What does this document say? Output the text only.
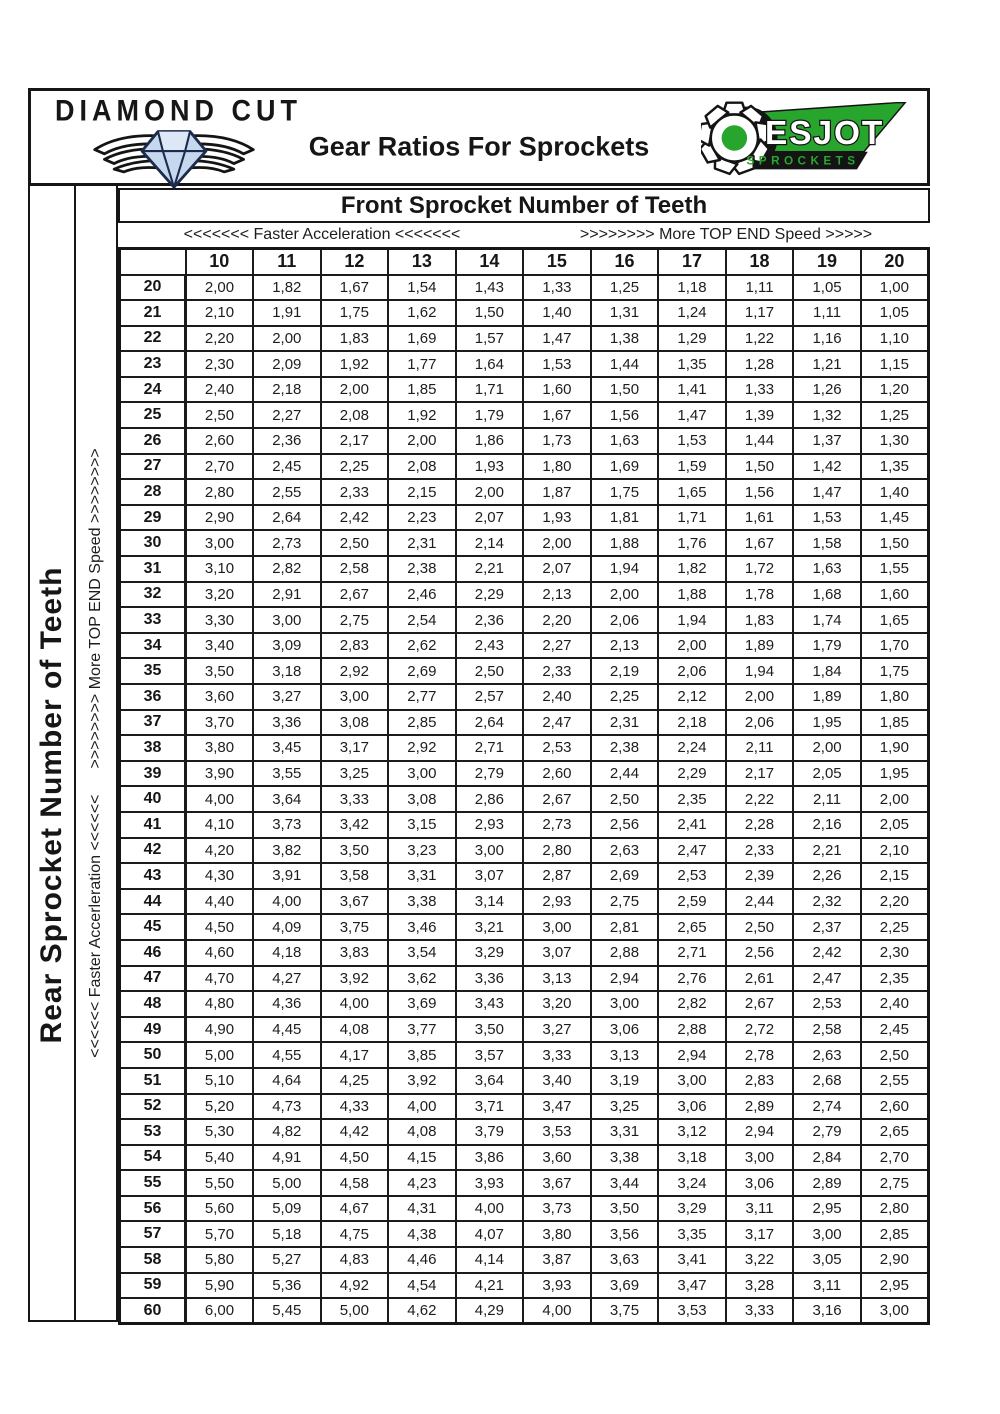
DIAMOND CUT
Gear Ratios For Sprockets	ESJOT
SPROCKETS
Rear Sprocket Number of Teeth <<<<<< Faster Accerleration <<<<<<
>>>>>>>> More TOP END Speed >>>>>>>>
Front Sprocket Number of Teeth
<<<<<<< Faster Acceleration <<<<<<<	>>>>>>>> More TOP END Speed >>>>>
	10	11	12	13	14	15	16	17	18	19	20
20	2,00	1,82	1,67	1,54	1,43	1,33	1,25	1,18	1,11	1,05	1,00
21	2,10	1,91	1,75	1,62	1,50	1,40	1,31	1,24	1,17	1,11	1,05
22	2,20	2,00	1,83	1,69	1,57	1,47	1,38	1,29	1,22	1,16	1,10
23	2,30	2,09	1,92	1,77	1,64	1,53	1,44	1,35	1,28	1,21	1,15
24	2,40	2,18	2,00	1,85	1,71	1,60	1,50	1,41	1,33	1,26	1,20
25	2,50	2,27	2,08	1,92	1,79	1,67	1,56	1,47	1,39	1,32	1,25
26	2,60	2,36	2,17	2,00	1,86	1,73	1,63	1,53	1,44	1,37	1,30
27	2,70	2,45	2,25	2,08	1,93	1,80	1,69	1,59	1,50	1,42	1,35
28	2,80	2,55	2,33	2,15	2,00	1,87	1,75	1,65	1,56	1,47	1,40
29	2,90	2,64	2,42	2,23	2,07	1,93	1,81	1,71	1,61	1,53	1,45
30	3,00	2,73	2,50	2,31	2,14	2,00	1,88	1,76	1,67	1,58	1,50
31	3,10	2,82	2,58	2,38	2,21	2,07	1,94	1,82	1,72	1,63	1,55
32	3,20	2,91	2,67	2,46	2,29	2,13	2,00	1,88	1,78	1,68	1,60
33	3,30	3,00	2,75	2,54	2,36	2,20	2,06	1,94	1,83	1,74	1,65
34	3,40	3,09	2,83	2,62	2,43	2,27	2,13	2,00	1,89	1,79	1,70
35	3,50	3,18	2,92	2,69	2,50	2,33	2,19	2,06	1,94	1,84	1,75
36	3,60	3,27	3,00	2,77	2,57	2,40	2,25	2,12	2,00	1,89	1,80
37	3,70	3,36	3,08	2,85	2,64	2,47	2,31	2,18	2,06	1,95	1,85
38	3,80	3,45	3,17	2,92	2,71	2,53	2,38	2,24	2,11	2,00	1,90
39	3,90	3,55	3,25	3,00	2,79	2,60	2,44	2,29	2,17	2,05	1,95
40	4,00	3,64	3,33	3,08	2,86	2,67	2,50	2,35	2,22	2,11	2,00
41	4,10	3,73	3,42	3,15	2,93	2,73	2,56	2,41	2,28	2,16	2,05
42	4,20	3,82	3,50	3,23	3,00	2,80	2,63	2,47	2,33	2,21	2,10
43	4,30	3,91	3,58	3,31	3,07	2,87	2,69	2,53	2,39	2,26	2,15
44	4,40	4,00	3,67	3,38	3,14	2,93	2,75	2,59	2,44	2,32	2,20
45	4,50	4,09	3,75	3,46	3,21	3,00	2,81	2,65	2,50	2,37	2,25
46	4,60	4,18	3,83	3,54	3,29	3,07	2,88	2,71	2,56	2,42	2,30
47	4,70	4,27	3,92	3,62	3,36	3,13	2,94	2,76	2,61	2,47	2,35
48	4,80	4,36	4,00	3,69	3,43	3,20	3,00	2,82	2,67	2,53	2,40
49	4,90	4,45	4,08	3,77	3,50	3,27	3,06	2,88	2,72	2,58	2,45
50	5,00	4,55	4,17	3,85	3,57	3,33	3,13	2,94	2,78	2,63	2,50
51	5,10	4,64	4,25	3,92	3,64	3,40	3,19	3,00	2,83	2,68	2,55
52	5,20	4,73	4,33	4,00	3,71	3,47	3,25	3,06	2,89	2,74	2,60
53	5,30	4,82	4,42	4,08	3,79	3,53	3,31	3,12	2,94	2,79	2,65
54	5,40	4,91	4,50	4,15	3,86	3,60	3,38	3,18	3,00	2,84	2,70
55	5,50	5,00	4,58	4,23	3,93	3,67	3,44	3,24	3,06	2,89	2,75
56	5,60	5,09	4,67	4,31	4,00	3,73	3,50	3,29	3,11	2,95	2,80
57	5,70	5,18	4,75	4,38	4,07	3,80	3,56	3,35	3,17	3,00	2,85
58	5,80	5,27	4,83	4,46	4,14	3,87	3,63	3,41	3,22	3,05	2,90
59	5,90	5,36	4,92	4,54	4,21	3,93	3,69	3,47	3,28	3,11	2,95
60	6,00	5,45	5,00	4,62	4,29	4,00	3,75	3,53	3,33	3,16	3,00
